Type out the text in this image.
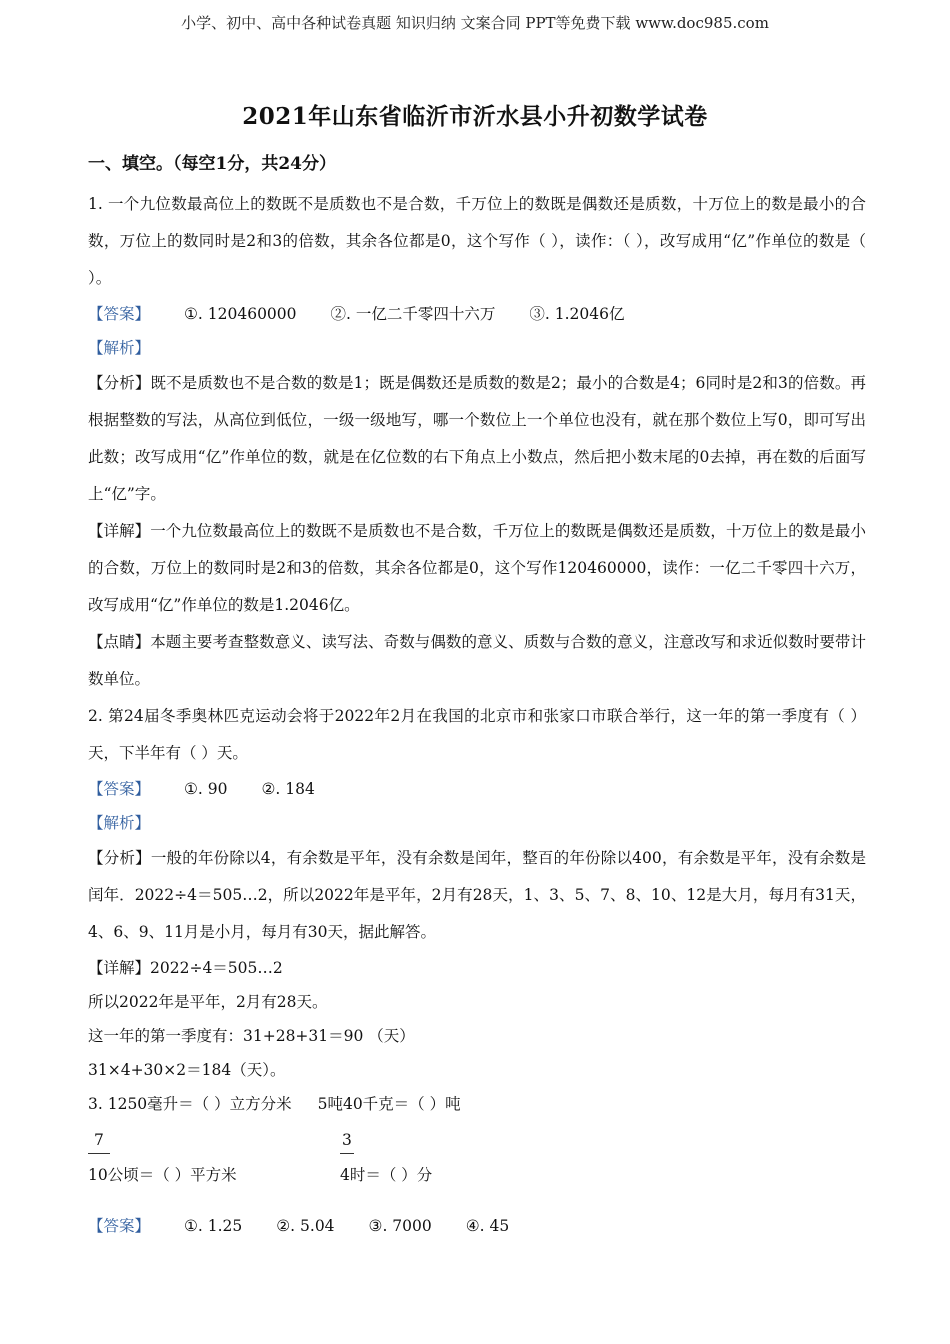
小学、初中、高中各种试卷真题 知识归纳 文案合同 PPT等免费下载 www.doc985.com
2021年山东省临沂市沂水县小升初数学试卷
一、填空。（每空1分，共24分）
1. 一个九位数最高位上的数既不是质数也不是合数，千万位上的数既是偶数还是质数，十万位上的数是最小的合数，万位上的数同时是2和3的倍数，其余各位都是0，这个写作（ ），读作：（ ），改写成用“亿”作单位的数是（ ）。
【答案】 ①. 120460000 ②. 一亿二千零四十六万 ③. 1.2046亿
【解析】
【分析】既不是质数也不是合数的数是1；既是偶数还是质数的数是2；最小的合数是4；6同时是2和3的倍数。再根据整数的写法，从高位到低位，一级一级地写，哪一个数位上一个单位也没有，就在那个数位上写0，即可写出此数；改写成用“亿”作单位的数，就是在亿位数的右下角点上小数点，然后把小数末尾的0去掉，再在数的后面写上“亿”字。
【详解】一个九位数最高位上的数既不是质数也不是合数，千万位上的数既是偶数还是质数，十万位上的数是最小的合数，万位上的数同时是2和3的倍数，其余各位都是0，这个写作120460000，读作：一亿二千零四十六万，改写成用“亿”作单位的数是1.2046亿。
【点睛】本题主要考查整数意义、读写法、奇数与偶数的意义、质数与合数的意义，注意改写和求近似数时要带计数单位。
2. 第24届冬季奥林匹克运动会将于2022年2月在我国的北京市和张家口市联合举行，这一年的第一季度有（ ）天，下半年有（ ）天。
【答案】 ①. 90 ②. 184
【解析】
【分析】一般的年份除以4，有余数是平年，没有余数是闰年，整百的年份除以400，有余数是平年，没有余数是闰年．2022÷4＝505…2，所以2022年是平年，2月有28天，1、3、5、7、8、10、12是大月，每月有31天，4、6、9、11月是小月，每月有30天，据此解答。
【详解】2022÷4＝505…2
所以2022年是平年，2月有28天。
这一年的第一季度有：31+28+31＝90 （天）
31×4+30×2＝184（天）。
3. 1250毫升＝（ ）立方分米 5吨40千克＝（ ）吨
7
10公顷＝（ ）平方米
3
4时＝（ ）分
【答案】 ①. 1.25 ②. 5.04 ③. 7000 ④. 45
